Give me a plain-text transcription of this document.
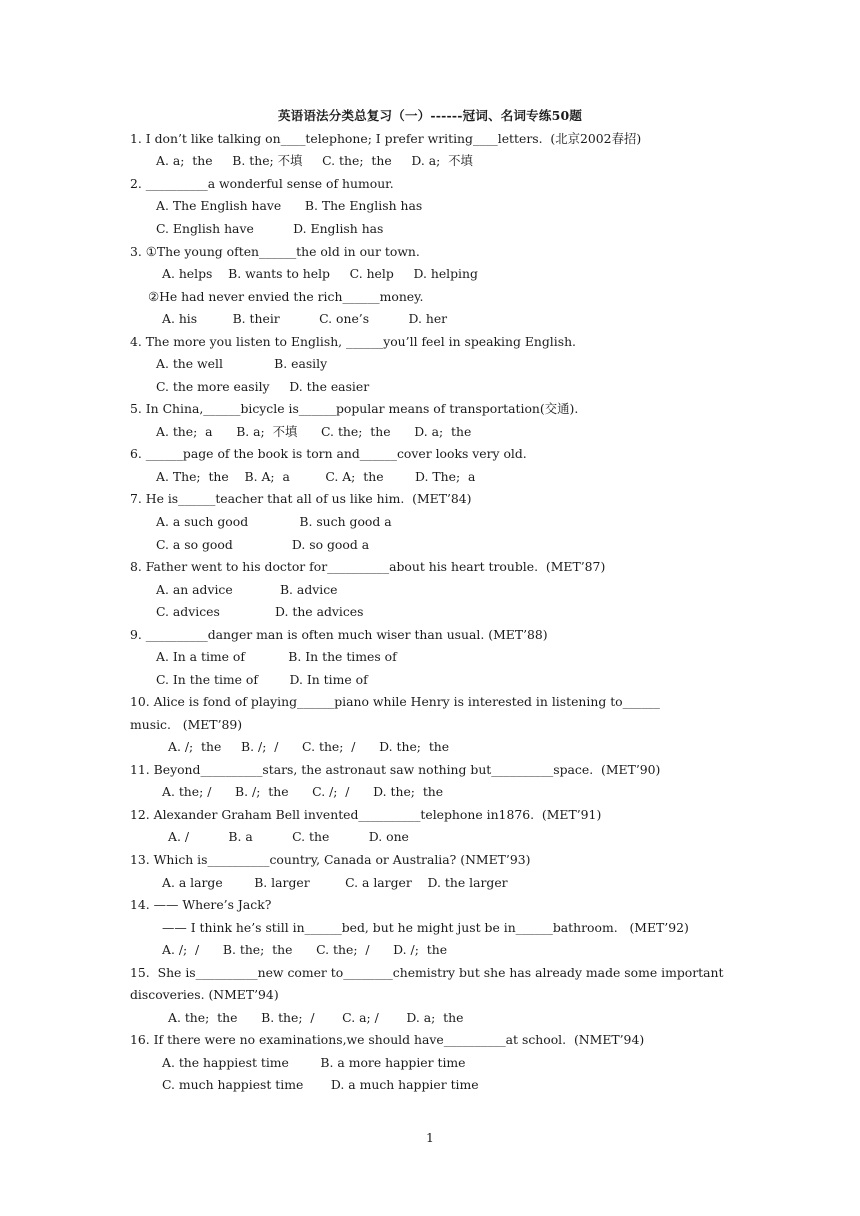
英语语法分类总复习（一）------冠词、名词专练50题
1. I don’t like talking on____telephone; I prefer writing____letters.  (北京2002春招)
A. a;  the     B. the; 不填     C. the;  the     D. a;  不填
2. __________a wonderful sense of humour.
A. The English have      B. The English has
C. English have          D. English has
3. ①The young often______the old in our town.
A. helps    B. wants to help     C. help     D. helping
②He had never envied the rich______money.
A. his         B. their          C. one’s          D. her
4. The more you listen to English, ______you’ll feel in speaking English.
A. the well             B. easily
C. the more easily     D. the easier
5. In China,______bicycle is______popular means of transportation(交通).
A. the;  a      B. a;  不填      C. the;  the      D. a;  the
6. ______page of the book is torn and______cover looks very old.
A. The;  the    B. A;  a         C. A;  the        D. The;  a
7. He is______teacher that all of us like him.  (MET’84)
A. a such good             B. such good a
C. a so good               D. so good a
8. Father went to his doctor for__________about his heart trouble.  (MET’87)
A. an advice            B. advice
C. advices              D. the advices
9. __________danger man is often much wiser than usual. (MET’88)
A. In a time of           B. In the times of
C. In the time of        D. In time of
10. Alice is fond of playing______piano while Henry is interested in listening to______
music.   (MET’89)
A. /;  the     B. /;  /      C. the;  /      D. the;  the
11. Beyond__________stars, the astronaut saw nothing but__________space.  (MET’90)
A. the; /      B. /;  the      C. /;  /      D. the;  the
12. Alexander Graham Bell invented__________telephone in1876.  (MET’91)
A. /          B. a          C. the          D. one
13. Which is__________country, Canada or Australia? (NMET’93)
A. a large        B. larger         C. a larger    D. the larger
14. —— Where’s Jack?
—— I think he’s still in______bed, but he might just be in______bathroom.   (MET’92)
A. /;  /      B. the;  the      C. the;  /      D. /;  the
15.  She is__________new comer to________chemistry but she has already made some important
discoveries. (NMET’94)
A. the;  the      B. the;  /       C. a; /       D. a;  the
16. If there were no examinations,we should have__________at school.  (NMET’94)
A. the happiest time        B. a more happier time
C. much happiest time       D. a much happier time
1
